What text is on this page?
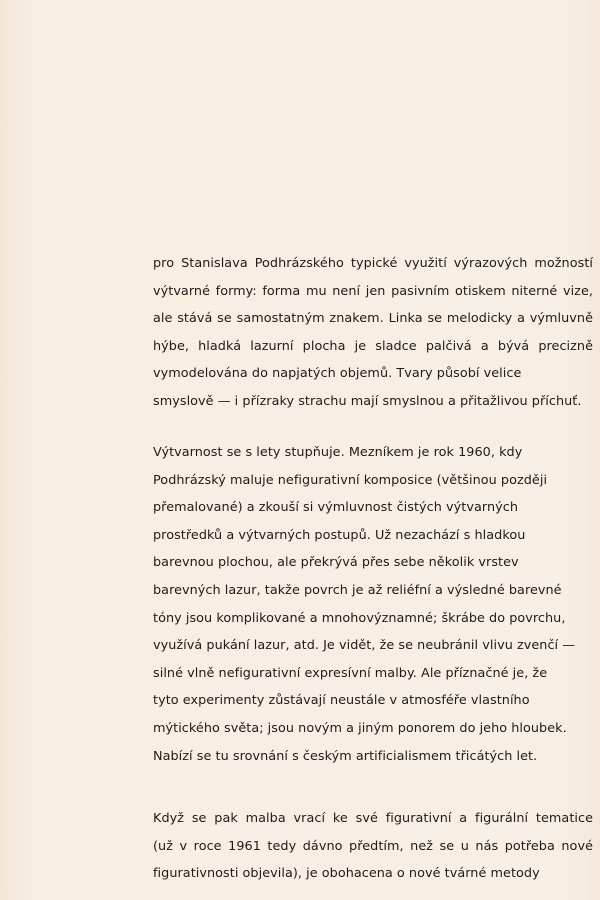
pro Stanislava Podhrázského typické využití výrazových možností
výtvarné formy: forma mu není jen pasivním otiskem niterné vize,
ale stává se samostatným znakem. Linka se melodicky a výmluvně
hýbe, hladká lazurní plocha je sladce palčivá a bývá precizně
vymodelována do napjatých objemů. Tvary působí velice
smyslově — i přízraky strachu mají smyslnou a přitažlivou příchuť.
Výtvarnost se s lety stupňuje. Mezníkem je rok 1960, kdy
Podhrázský maluje nefigurativní komposice (většinou později
přemalované) a zkouší si výmluvnost čistých výtvarných
prostředků a výtvarných postupů. Už nezachází s hladkou
barevnou plochou, ale překrývá přes sebe několik vrstev
barevných lazur, takže povrch je až reliéfní a výsledné barevné
tóny jsou komplikované a mnohovýznamné; škrábe do povrchu,
využívá pukání lazur, atd. Je vidět, že se neubránil vlivu zvenčí —
silné vlně nefigurativní expresívní malby. Ale příznačné je, že
tyto experimenty zůstávají neustále v atmosféře vlastního
mýtického světa; jsou novým a jiným ponorem do jeho hloubek.
Nabízí se tu srovnání s českým artificialismem třicátých let.
Když se pak malba vrací ke své figurativní a figurální tematice
(už v roce 1961 tedy dávno předtím, než se u nás potřeba nové
figurativnosti objevila), je obohacena o nové tvárné metody
